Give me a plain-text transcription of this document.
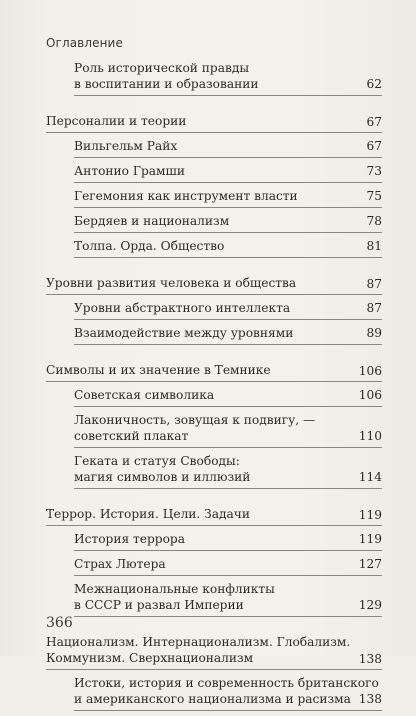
Оглавление
Роль исторической правды
в воспитании и образовании	62
Персоналии и теории	67
Вильгельм Райх	67
Антонио Грамши	73
Гегемония как инструмент власти	75
Бердяев и национализм	78
Толпа. Орда. Общество	81
Уровни развития человека и общества	87
Уровни абстрактного интеллекта	87
Взаимодействие между уровнями	89
Символы и их значение в Темнике	106
Советская символика	106
Лаконичность, зовущая к подвигу, —
советский плакат	110
Геката и статуя Свободы:
магия символов и иллюзий	114
Террор. История. Цели. Задачи	119
История террора	119
Страх Лютера	127
Межнациональные конфликты
в СССР и развал Империи	129
Национализм. Интернационализм. Глобализм.
Коммунизм. Сверхнационализм	138
Истоки, история и современность британского
и американского национализма и расизма 138
366
